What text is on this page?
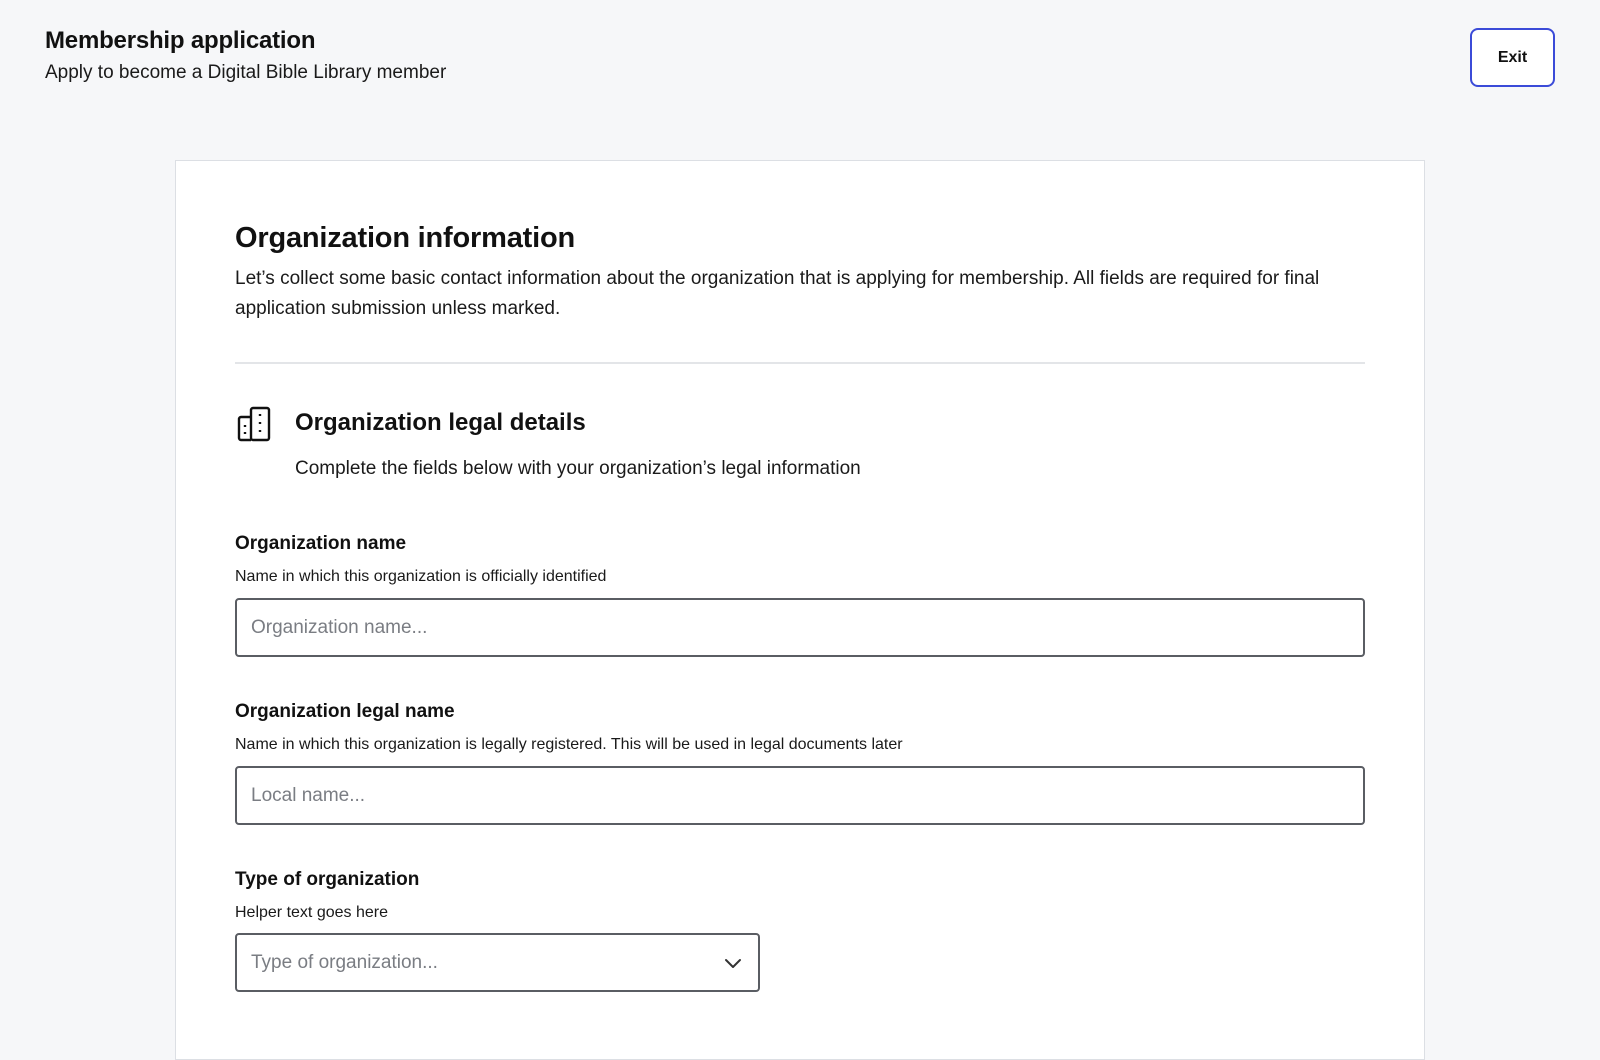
Membership application

Apply to become a Digital Bible Library member

Exit
Organization information

Let’s collect some basic contact information about the organization that is applying for membership. All fields are required for final application submission unless marked.

Organization legal details

Complete the fields below with your organization’s legal information

Organization name

Name in which this organization is officially identified

Organization name...

Organization legal name

Name in which this organization is legally registered. This will be used in legal documents later

Local name...

Type of organization

Helper text goes here

Type of organization...
